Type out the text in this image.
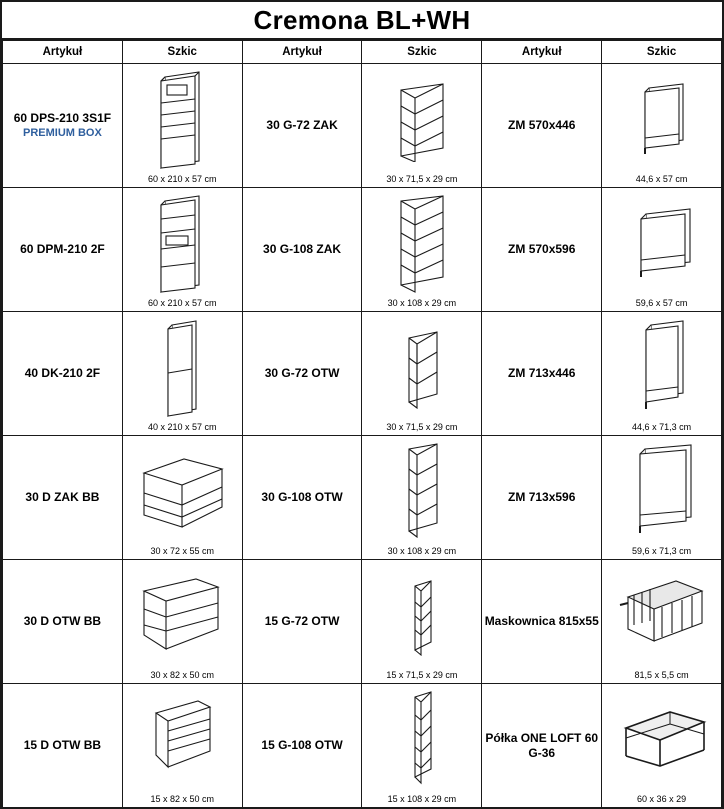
Cremona BL+WH
Artykuł	Szkic	Artykuł	Szkic	Artykuł	Szkic

60 DPS-210 3S1F
PREMIUM BOX	60 x 210 x 57 cm	30 G-72 ZAK	30 x 71,5 x 29 cm	ZM 570x446	44,6 x 57 cm

60 DPM-210 2F	60 x 210 x 57 cm	30 G-108 ZAK	30 x 108 x 29 cm	ZM 570x596	59,6 x 57 cm

40 DK-210 2F	40 x 210 x 57 cm	30 G-72 OTW	30 x 71,5 x 29 cm	ZM 713x446	44,6 x 71,3 cm

30 D ZAK BB	30 x 72 x 55 cm	30 G-108 OTW	30 x 108 x 29 cm	ZM 713x596	59,6 x 71,3 cm

30 D OTW BB	30 x 82 x 50 cm	15 G-72 OTW	15 x 71,5 x 29 cm	Maskownica 815x55	81,5 x 5,5 cm

15 D OTW BB	15 x 82 x 50 cm	15 G-108 OTW	15 x 108 x 29 cm	Półka ONE LOFT 60 G-36	60 x 36 x 29
